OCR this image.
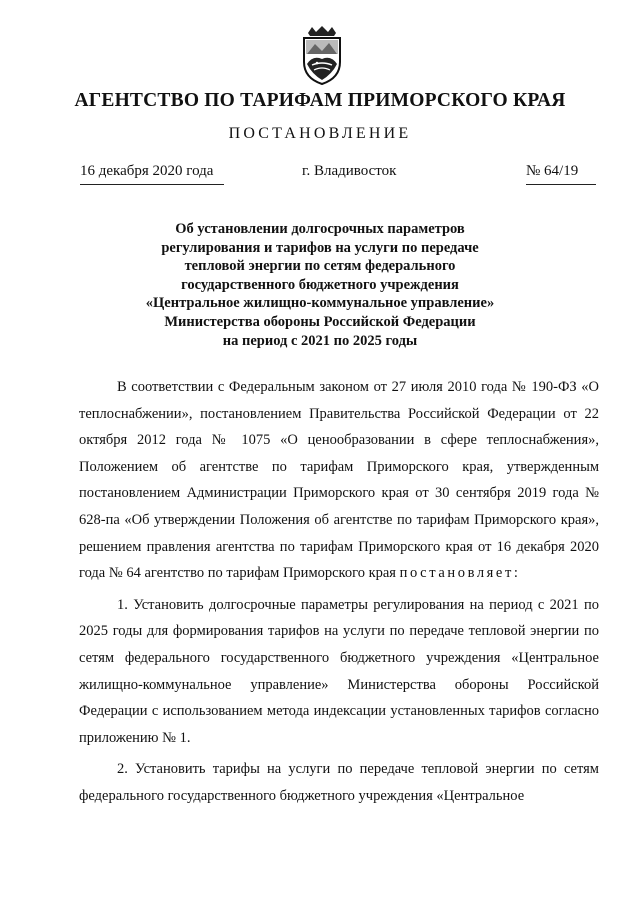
АГЕНТСТВО ПО ТАРИФАМ ПРИМОРСКОГО КРАЯ
ПОСТАНОВЛЕНИЕ
16 декабря 2020 года	г. Владивосток	№ 64/19
Об установлении долгосрочных параметров
регулирования и тарифов на услуги по передаче
тепловой энергии по сетям федерального
государственного бюджетного учреждения
«Центральное жилищно-коммунальное управление»
Министерства обороны Российской Федерации
на период с 2021 по 2025 годы

В соответствии с Федеральным законом от 27 июля 2010 года № 190-ФЗ «О теплоснабжении», постановлением Правительства Российской Федерации от 22 октября 2012 года № 1075 «О ценообразовании в сфере теплоснабжения», Положением об агентстве по тарифам Приморского края, утвержденным постановлением Администрации Приморского края от 30 сентября 2019 года № 628-па «Об утверждении Положения об агентстве по тарифам Приморского края», решением правления агентства по тарифам Приморского края от 16 декабря 2020 года № 64 агентство по тарифам Приморского края постановляет:

1. Установить долгосрочные параметры регулирования на период с 2021 по 2025 годы для формирования тарифов на услуги по передаче тепловой энергии по сетям федерального государственного бюджетного учреждения «Центральное жилищно-коммунальное управление» Министерства обороны Российской Федерации с использованием метода индексации установленных тарифов согласно приложению № 1.

2. Установить тарифы на услуги по передаче тепловой энергии по сетям федерального государственного бюджетного учреждения «Центральное
